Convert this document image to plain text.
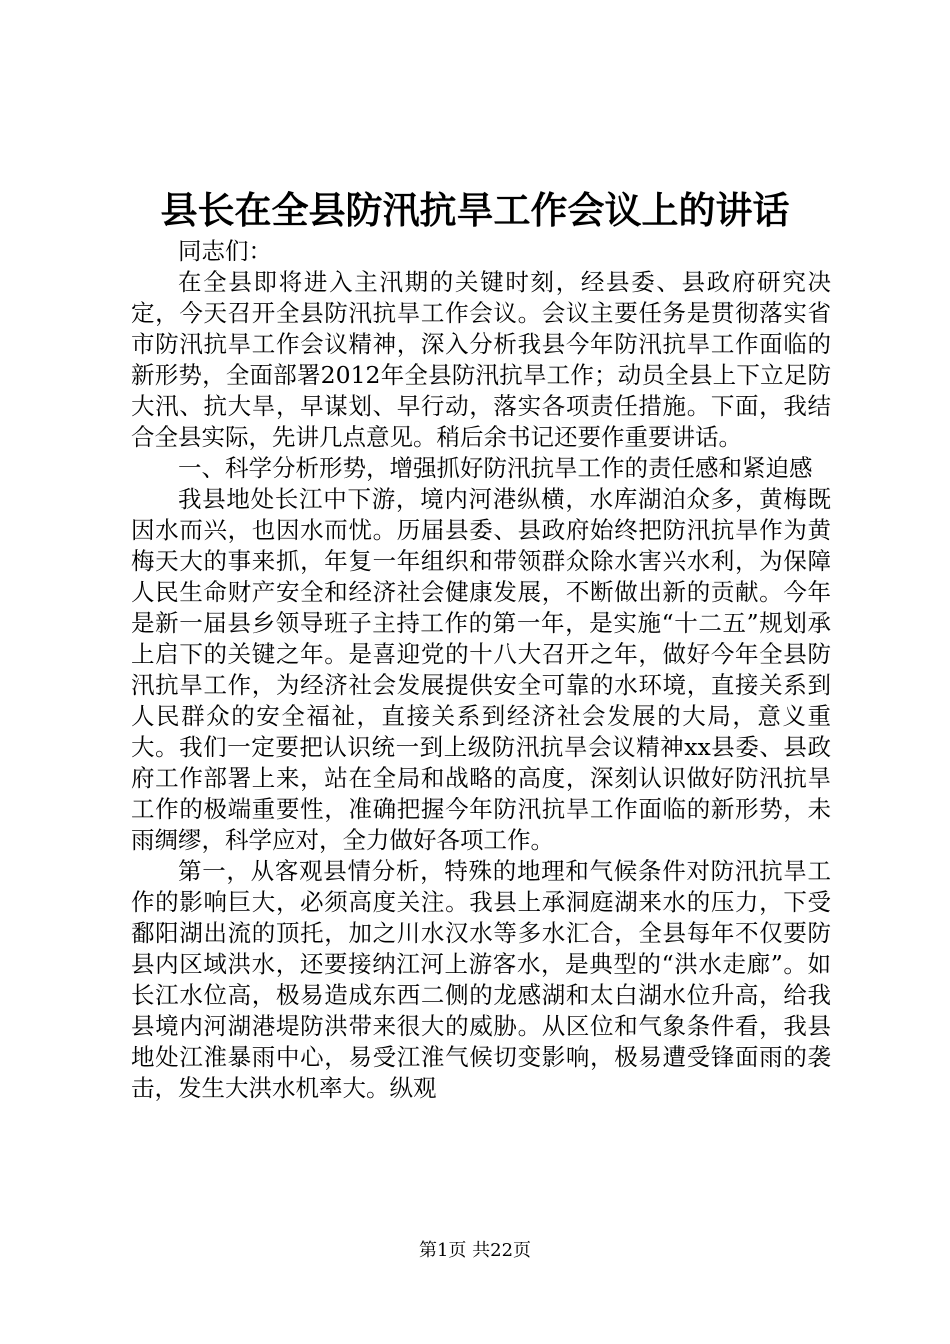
县长在全县防汛抗旱工作会议上的讲话

同志们：

在全县即将进入主汛期的关键时刻，经县委、县政府研究决定，今天召开全县防汛抗旱工作会议。会议主要任务是贯彻落实省市防汛抗旱工作会议精神，深入分析我县今年防汛抗旱工作面临的新形势，全面部署2012年全县防汛抗旱工作；动员全县上下立足防大汛、抗大旱，早谋划、早行动，落实各项责任措施。下面，我结合全县实际，先讲几点意见。稍后余书记还要作重要讲话。

一、科学分析形势，增强抓好防汛抗旱工作的责任感和紧迫感

我县地处长江中下游，境内河港纵横，水库湖泊众多，黄梅既因水而兴，也因水而忧。历届县委、县政府始终把防汛抗旱作为黄梅天大的事来抓，年复一年组织和带领群众除水害兴水利，为保障人民生命财产安全和经济社会健康发展，不断做出新的贡献。今年是新一届县乡领导班子主持工作的第一年，是实施“十二五”规划承上启下的关键之年。是喜迎党的十八大召开之年，做好今年全县防汛抗旱工作，为经济社会发展提供安全可靠的水环境，直接关系到人民群众的安全福祉，直接关系到经济社会发展的大局，意义重大。我们一定要把认识统一到上级防汛抗旱会议精神xx县委、县政府工作部署上来，站在全局和战略的高度，深刻认识做好防汛抗旱工作的极端重要性，准确把握今年防汛抗旱工作面临的新形势，未雨绸缪，科学应对，全力做好各项工作。

第一，从客观县情分析，特殊的地理和气候条件对防汛抗旱工作的影响巨大，必须高度关注。我县上承洞庭湖来水的压力，下受鄱阳湖出流的顶托，加之川水汉水等多水汇合，全县每年不仅要防县内区域洪水，还要接纳江河上游客水，是典型的“洪水走廊”。如长江水位高，极易造成东西二侧的龙感湖和太白湖水位升高，给我县境内河湖港堤防洪带来很大的威胁。从区位和气象条件看，我县地处江淮暴雨中心，易受江淮气候切变影响，极易遭受锋面雨的袭击，发生大洪水机率大。纵观

第1页 共22页
